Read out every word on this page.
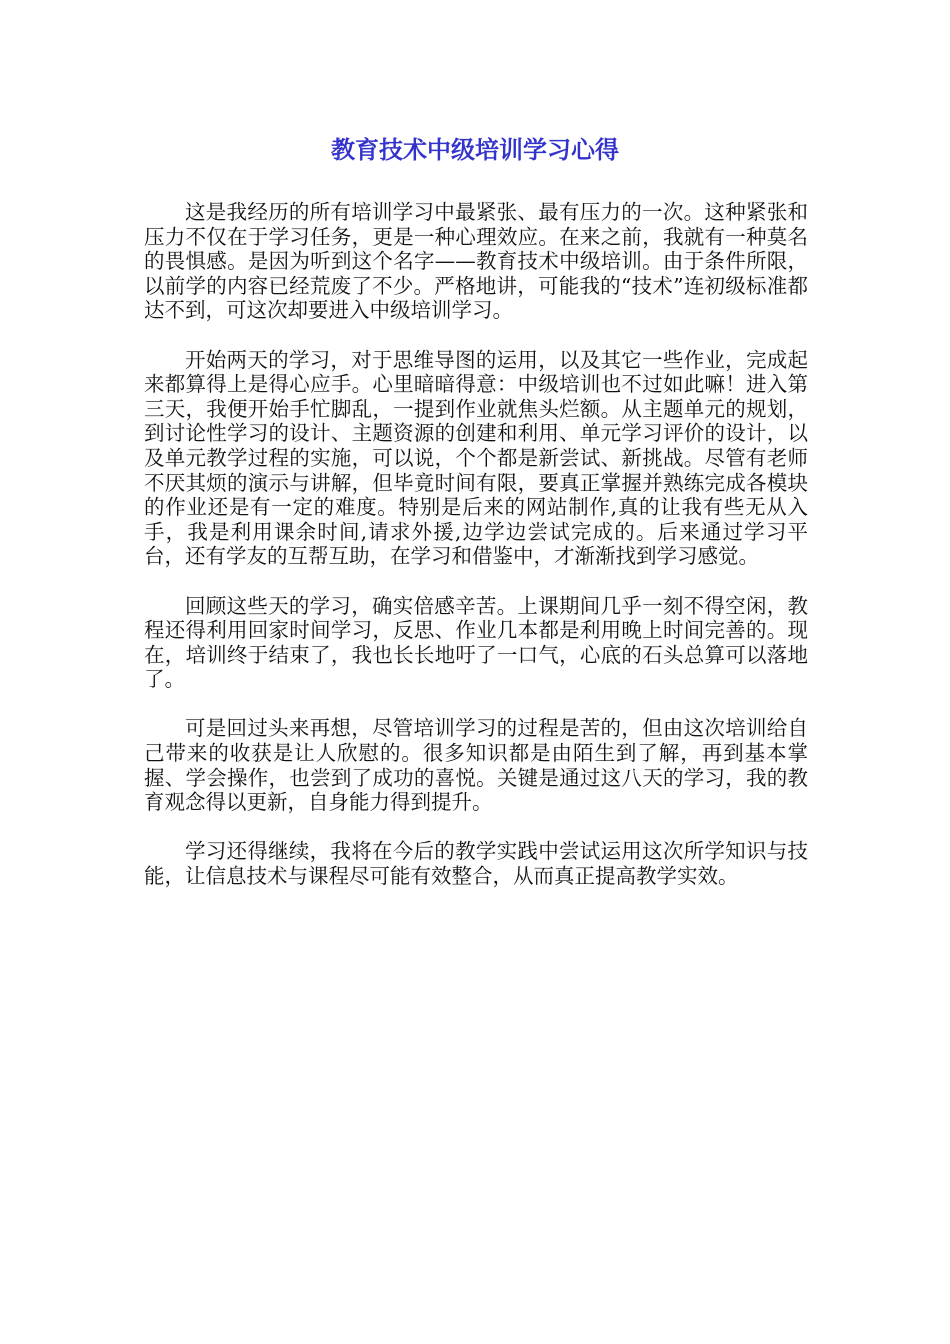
教育技术中级培训学习心得

这是我经历的所有培训学习中最紧张、最有压力的一次。这种紧张和压力不仅在于学习任务，更是一种心理效应。在来之前，我就有一种莫名的畏惧感。是因为听到这个名字——教育技术中级培训。由于条件所限，以前学的内容已经荒废了不少。严格地讲，可能我的“技术”连初级标准都达不到，可这次却要进入中级培训学习。

开始两天的学习，对于思维导图的运用，以及其它一些作业，完成起来都算得上是得心应手。心里暗暗得意：中级培训也不过如此嘛！进入第三天，我便开始手忙脚乱，一提到作业就焦头烂额。从主题单元的规划，到讨论性学习的设计、主题资源的创建和利用、单元学习评价的设计，以及单元教学过程的实施，可以说，个个都是新尝试、新挑战。尽管有老师不厌其烦的演示与讲解，但毕竟时间有限，要真正掌握并熟练完成各模块的作业还是有一定的难度。特别是后来的网站制作,真的让我有些无从入手，我是利用课余时间,请求外援,边学边尝试完成的。后来通过学习平台，还有学友的互帮互助，在学习和借鉴中，才渐渐找到学习感觉。

回顾这些天的学习，确实倍感辛苦。上课期间几乎一刻不得空闲，教程还得利用回家时间学习，反思、作业几本都是利用晚上时间完善的。现在，培训终于结束了，我也长长地吁了一口气，心底的石头总算可以落地了。

可是回过头来再想，尽管培训学习的过程是苦的，但由这次培训给自己带来的收获是让人欣慰的。很多知识都是由陌生到了解，再到基本掌握、学会操作，也尝到了成功的喜悦。关键是通过这八天的学习，我的教育观念得以更新，自身能力得到提升。

学习还得继续，我将在今后的教学实践中尝试运用这次所学知识与技能，让信息技术与课程尽可能有效整合，从而真正提高教学实效。
